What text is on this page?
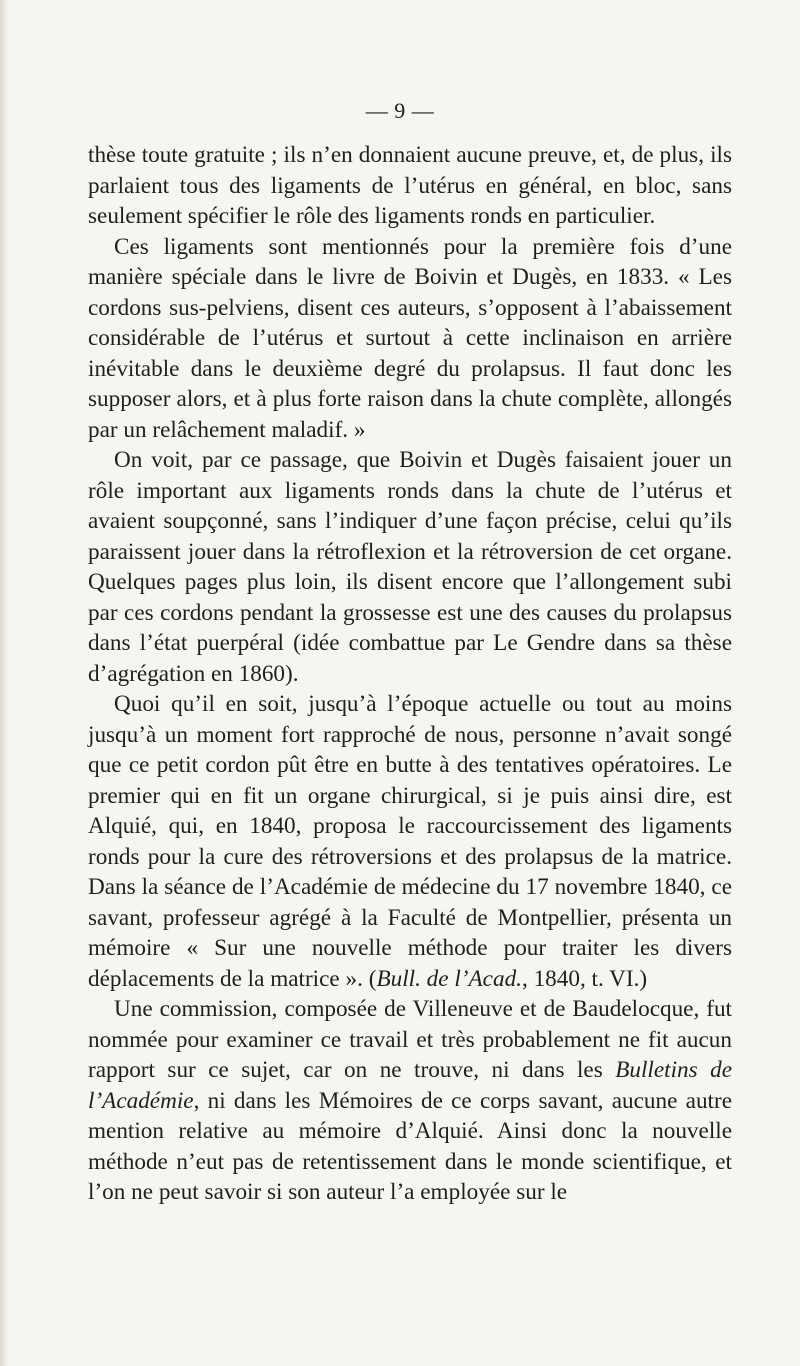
— 9 —

thèse toute gratuite ; ils n’en donnaient aucune preuve, et, de plus, ils parlaient tous des ligaments de l’utérus en général, en bloc, sans seulement spécifier le rôle des ligaments ronds en particulier.

Ces ligaments sont mentionnés pour la première fois d’une manière spéciale dans le livre de Boivin et Dugès, en 1833. « Les cordons sus-pelviens, disent ces auteurs, s’opposent à l’abaissement considérable de l’utérus et surtout à cette inclinaison en arrière inévitable dans le deuxième degré du prolapsus. Il faut donc les supposer alors, et à plus forte raison dans la chute complète, allongés par un relâchement maladif. »

On voit, par ce passage, que Boivin et Dugès faisaient jouer un rôle important aux ligaments ronds dans la chute de l’utérus et avaient soupçonné, sans l’indiquer d’une façon précise, celui qu’ils paraissent jouer dans la rétroflexion et la rétroversion de cet organe. Quelques pages plus loin, ils disent encore que l’allongement subi par ces cordons pendant la grossesse est une des causes du prolapsus dans l’état puerpéral (idée combattue par Le Gendre dans sa thèse d’agrégation en 1860).

Quoi qu’il en soit, jusqu’à l’époque actuelle ou tout au moins jusqu’à un moment fort rapproché de nous, personne n’avait songé que ce petit cordon pût être en butte à des tentatives opératoires. Le premier qui en fit un organe chirurgical, si je puis ainsi dire, est Alquié, qui, en 1840, proposa le raccourcissement des ligaments ronds pour la cure des rétroversions et des prolapsus de la matrice. Dans la séance de l’Académie de médecine du 17 novembre 1840, ce savant, professeur agrégé à la Faculté de Montpellier, présenta un mémoire « Sur une nouvelle méthode pour traiter les divers déplacements de la matrice ». (Bull. de l’Acad., 1840, t. VI.)

Une commission, composée de Villeneuve et de Baudelocque, fut nommée pour examiner ce travail et très probablement ne fit aucun rapport sur ce sujet, car on ne trouve, ni dans les Bulletins de l’Académie, ni dans les Mémoires de ce corps savant, aucune autre mention relative au mémoire d’Alquié. Ainsi donc la nouvelle méthode n’eut pas de retentissement dans le monde scientifique, et l’on ne peut savoir si son auteur l’a employée sur le
